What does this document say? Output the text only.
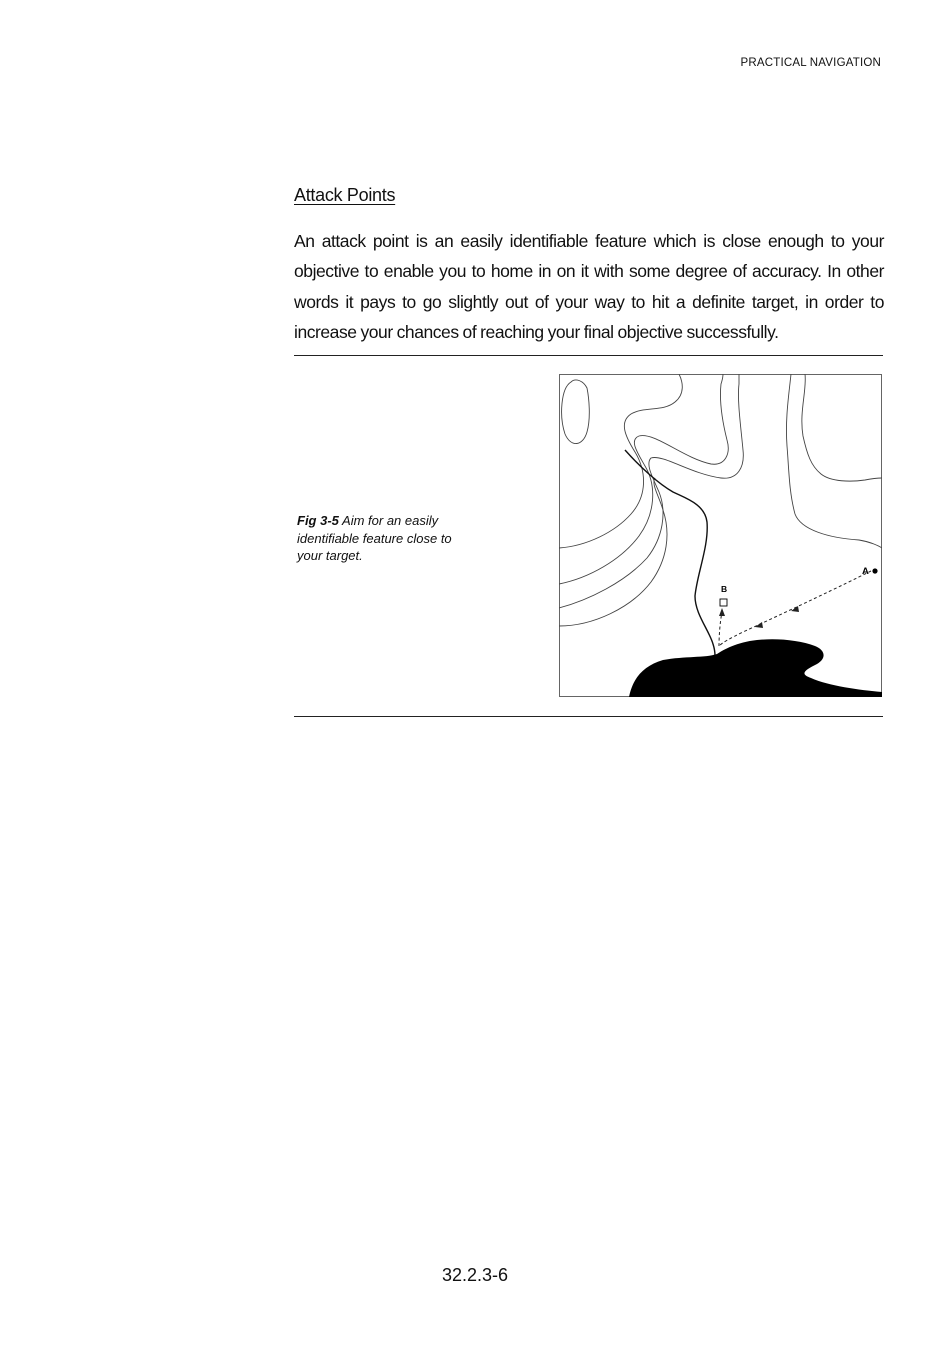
PRACTICAL NAVIGATION
Attack Points

An attack point is an easily identifiable feature which is close enough to your objective to enable you to home in on it with some degree of accuracy. In other words it pays to go slightly out of your way to hit a definite target, in order to increase your chances of reaching your final objective successfully.

Fig 3-5 Aim for an easily identifiable feature close to your target.
A
B
32.2.3-6
